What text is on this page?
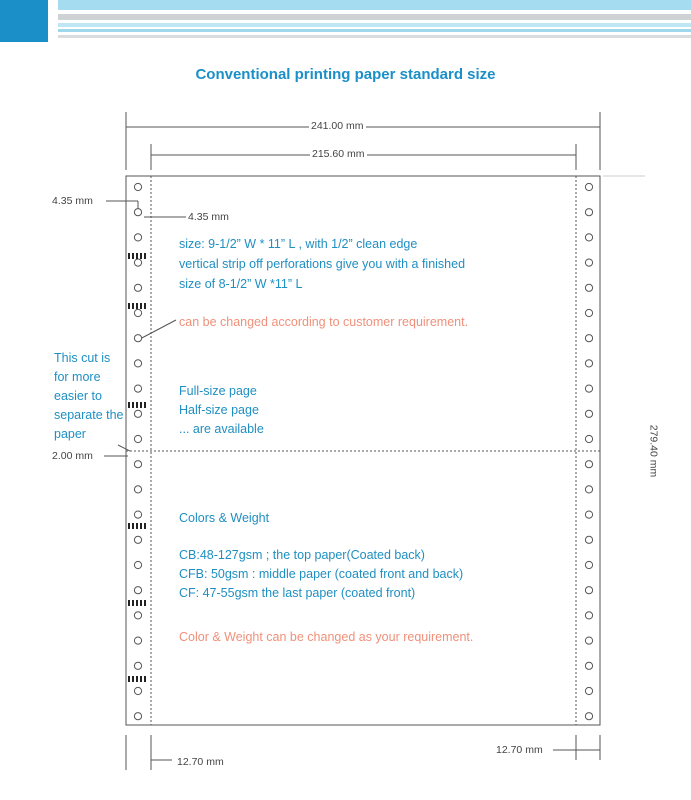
Conventional printing paper standard size
241.00 mm
215.60 mm
4.35 mm
4.35 mm
2.00 mm
12.70 mm
12.70 mm
279.40 mm
size: 9-1/2” W * 11” L , with 1/2” clean edge
vertical strip off perforations give you with a finished
size of 8-1/2” W *11” L
can be changed according to customer requirement.
This cut is for more easier to separate the paper
Full-size page
Half-size page
... are available
Colors & Weight
CB:48-127gsm ; the top paper(Coated back)
CFB: 50gsm : middle paper (coated front and back)
CF: 47-55gsm the last paper (coated front)
Color & Weight can be changed as your requirement.
